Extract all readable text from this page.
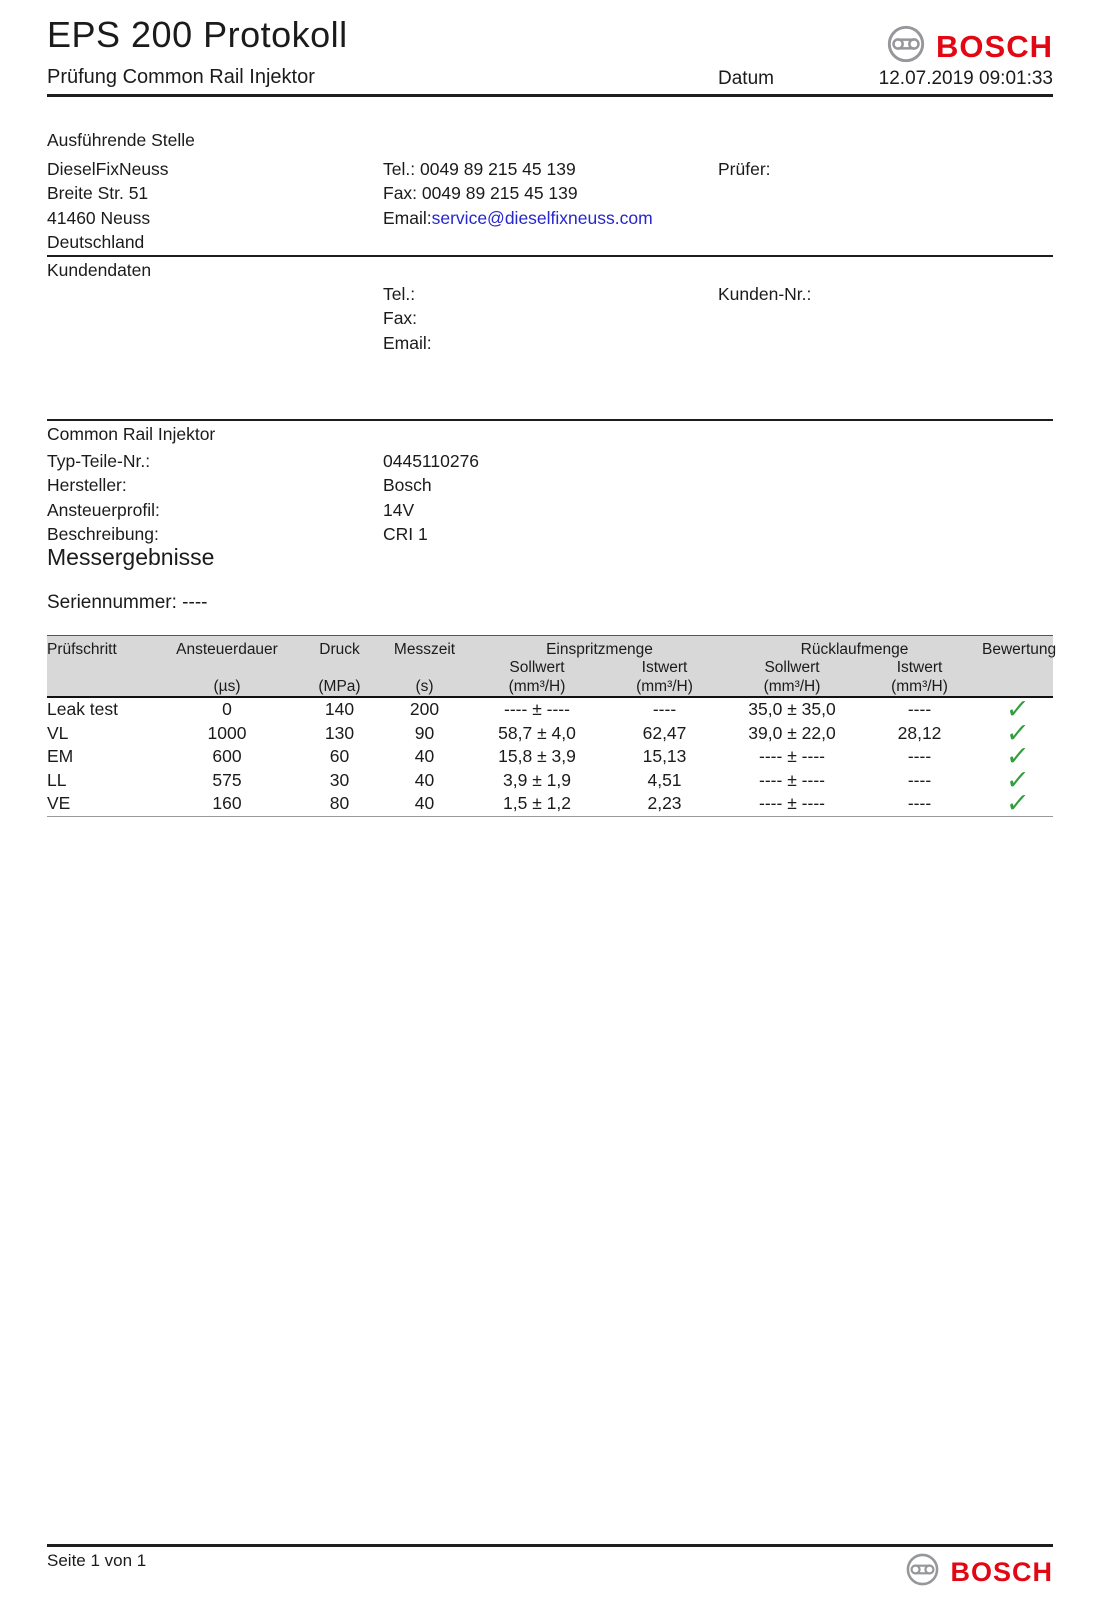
EPS 200 Protokoll	BOSCH
Prüfung Common Rail Injektor	Datum	12.07.2019 09:01:33
Ausführende Stelle
DieselFixNeuss
Breite Str. 51
41460 Neuss
Deutschland
Tel.: 0049 89 215 45 139
Fax: 0049 89 215 45 139
Email:service@dieselfixneuss.com
Prüfer:
Kundendaten
Tel.:
Fax:
Email:
Kunden-Nr.:
Common Rail Injektor
Typ-Teile-Nr.:	0445110276
Hersteller:	Bosch
Ansteuerprofil:	14V
Beschreibung:	CRI 1
Messergebnisse
Seriennummer: ----
Prüfschritt	Ansteuerdauer	Druck	Messzeit	Einspritzmenge		Rücklaufmenge		Bewertung
				Sollwert	Istwert	Sollwert	Istwert	
	(µs)	(MPa)	(s)	(mm³/H)	(mm³/H)	(mm³/H)	(mm³/H)	
Leak test	0	140	200	---- ± ----	----	35,0 ± 35,0	----	✓
VL	1000	130	90	58,7 ± 4,0	62,47	39,0 ± 22,0	28,12	✓
EM	600	60	40	15,8 ± 3,9	15,13	---- ± ----	----	✓
LL	575	30	40	3,9 ± 1,9	4,51	---- ± ----	----	✓
VE	160	80	40	1,5 ± 1,2	2,23	---- ± ----	----	✓
Seite 1 von 1	BOSCH
